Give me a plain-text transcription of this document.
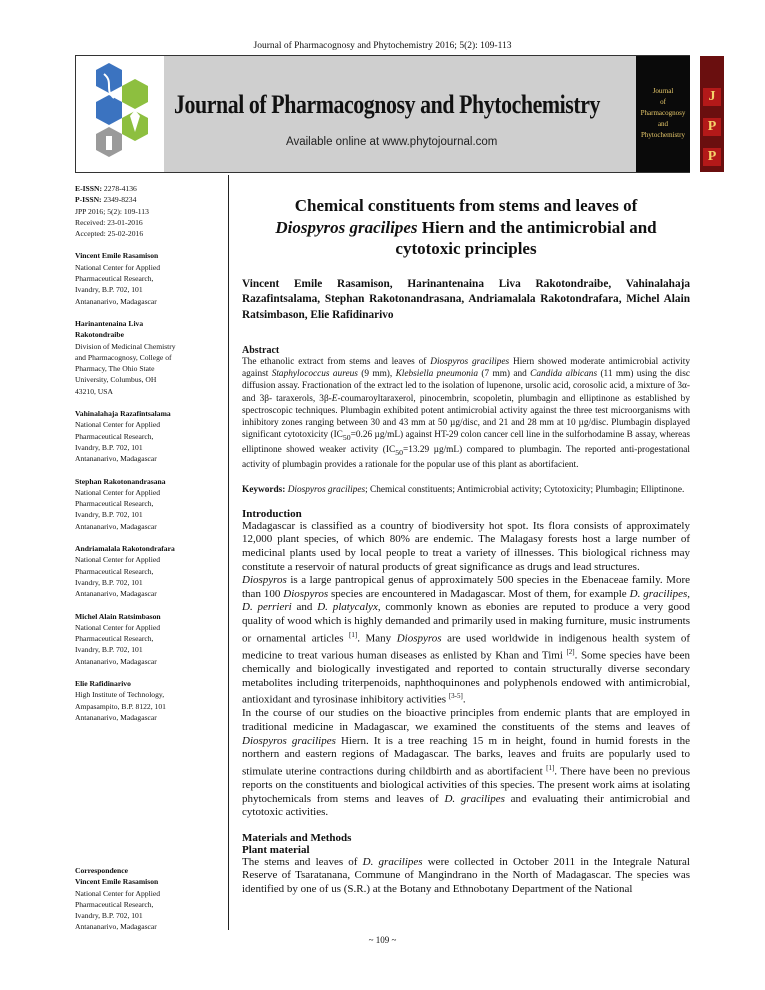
Journal of Pharmacognosy and Phytochemistry 2016; 5(2): 109-113
Journal of Pharmacognosy and Phytochemistry
Available online at www.phytojournal.com
J
P
P
Journal
of
Pharmacognosy
and
Phytochemistry
E-ISSN: 2278-4136
P-ISSN: 2349-8234
JPP 2016; 5(2): 109-113
Received: 23-01-2016
Accepted: 25-02-2016
Vincent Emile Rasamison
National Center for Applied
Pharmaceutical Research,
Ivandry, B.P. 702, 101
Antananarivo, Madagascar
Harinantenaina Liva
Rakotondraibe
Division of Medicinal Chemistry
and Pharmacognosy, College of
Pharmacy, The Ohio State
University, Columbus, OH
43210, USA
Vahinalahaja Razafintsalama
National Center for Applied
Pharmaceutical Research,
Ivandry, B.P. 702, 101
Antananarivo, Madagascar
Stephan Rakotonandrasana
National Center for Applied
Pharmaceutical Research,
Ivandry, B.P. 702, 101
Antananarivo, Madagascar
Andriamalala Rakotondrafara
National Center for Applied
Pharmaceutical Research,
Ivandry, B.P. 702, 101
Antananarivo, Madagascar
Michel Alain Ratsimbason
National Center for Applied
Pharmaceutical Research,
Ivandry, B.P. 702, 101
Antananarivo, Madagascar
Elie Rafidinarivo
High Institute of Technology,
Ampasampito, B.P. 8122, 101
Antananarivo, Madagascar
Correspondence
Vincent Emile Rasamison
National Center for Applied
Pharmaceutical Research,
Ivandry, B.P. 702, 101
Antananarivo, Madagascar
Chemical constituents from stems and leaves of
Diospyros gracilipes Hiern and the antimicrobial and
cytotoxic principles
Vincent Emile Rasamison, Harinantenaina Liva Rakotondraibe, Vahinalahaja Razafintsalama, Stephan Rakotonandrasana, Andriamalala Rakotondrafara, Michel Alain Ratsimbason, Elie Rafidinarivo
Abstract
The ethanolic extract from stems and leaves of Diospyros gracilipes Hiern showed moderate antimicrobial activity against Staphylococcus aureus (9 mm), Klebsiella pneumonia (7 mm) and Candida albicans (11 mm) using the disc diffusion assay. Fractionation of the extract led to the isolation of lupenone, ursolic acid, corosolic acid, a mixture of 3α- and 3β- taraxerols, 3β-E-coumaroyltaraxerol, pinocembrin, scopoletin, plumbagin and elliptinone as established by spectroscopic techniques. Plumbagin exhibited potent antimicrobial activity against the three test microorganisms with inhibitory zones ranging between 30 and 43 mm at 50 µg/disc, and 21 and 28 mm at 10 µg/disc. Plumbagin displayed significant cytotoxicity ($IC_{50}=0.26$ µg/mL) against HT-29 colon cancer cell line in the sulforhodamine B assay, whereas elliptinone showed weaker activity ($IC_{50}=13.29$ µg/mL) compared to plumbagin. The reported anti-progestational activity of plumbagin provides a rationale for the popular use of this plant as abortifacient.
Keywords: Diospyros gracilipes; Chemical constituents; Antimicrobial activity; Cytotoxicity; Plumbagin; Elliptinone.
Introduction

Madagascar is classified as a country of biodiversity hot spot. Its flora consists of approximately 12,000 plant species, of which 80% are endemic. The Malagasy forests host a large number of medicinal plants used by local people to treat a variety of illnesses. This biological richness may constitute a reservoir of natural products of great significance as drugs and lead structures.

Diospyros is a large pantropical genus of approximately 500 species in the Ebenaceae family. More than 100 Diospyros species are encountered in Madagascar. Most of them, for example D. gracilipes, D. perrieri and D. platycalyx, commonly known as ebonies are reputed to produce a very good quality of wood which is highly demanded and primarily used in making furniture, music instruments or ornamental articles [1]. Many Diospyros are used worldwide in indigenous health system of medicine to treat various human diseases as enlisted by Khan and Timi [2]. Some species have been chemically and biologically investigated and reported to contain structurally diverse secondary metabolites including triterpenoids, naphthoquinones and polyphenols endowed with antimicrobial, antioxidant and tyrosinase inhibitory activities [3-5].

In the course of our studies on the bioactive principles from endemic plants that are employed in traditional medicine in Madagascar, we examined the constituents of the stems and leaves of Diospyros gracilipes Hiern. It is a tree reaching 15 m in height, found in humid forests in the northern and eastern regions of Madagascar. The barks, leaves and fruits are popularly used to stimulate uterine contractions during childbirth and as abortifacient [1]. There have been no previous reports on the constituents and biological activities of this species. The present work aims at isolating phytochemicals from stems and leaves of D. gracilipes and evaluating their antimicrobial and cytotoxic activities.

Materials and Methods
Plant material

The stems and leaves of D. gracilipes were collected in October 2011 in the Integrale Natural Reserve of Tsaratanana, Commune of Mangindrano in the North of Madagascar. The species was identified by one of us (S.R.) at the Botany and Ethnobotany Department of the National

~ 109 ~
